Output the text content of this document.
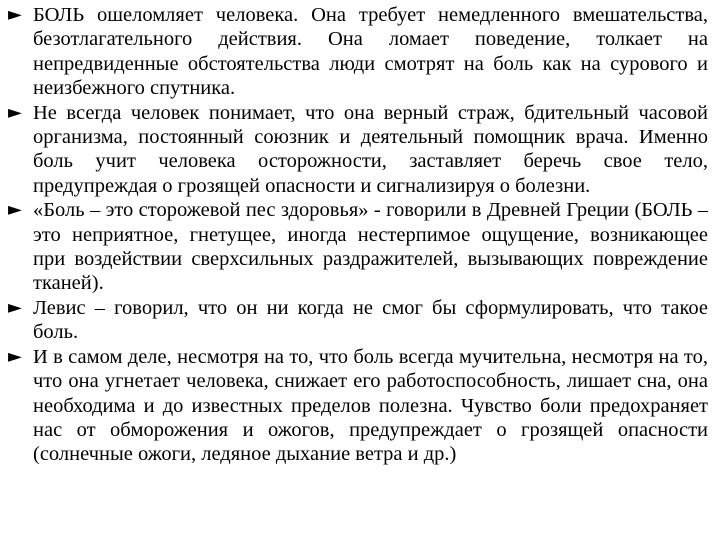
► БОЛЬ ошеломляет человека. Она требует немедленного вмешательства, безотлагательного действия. Она ломает поведение, толкает на непредвиденные обстоятельства люди смотрят на боль как на сурового и неизбежного спутника.
► Не всегда человек понимает, что она верный страж, бдительный часовой организма, постоянный союзник и деятельный помощник врача. Именно боль учит человека осторожности, заставляет беречь свое тело, предупреждая о грозящей опасности и сигнализируя о болезни.
► «Боль – это сторожевой пес здоровья» - говорили в Древней Греции (БОЛЬ – это неприятное, гнетущее, иногда нестерпимое ощущение, возникающее при воздействии сверхсильных раздражителей, вызывающих повреждение тканей).
► Левис – говорил, что он ни когда не смог бы сформулировать, что такое боль.
► И в самом деле, несмотря на то, что боль всегда мучительна, несмотря на то, что она угнетает человека, снижает его работоспособность, лишает сна, она необходима и до известных пределов полезна. Чувство боли предохраняет нас от обморожения и ожогов, предупреждает о грозящей опасности (солнечные ожоги, ледяное дыхание ветра и др.)
